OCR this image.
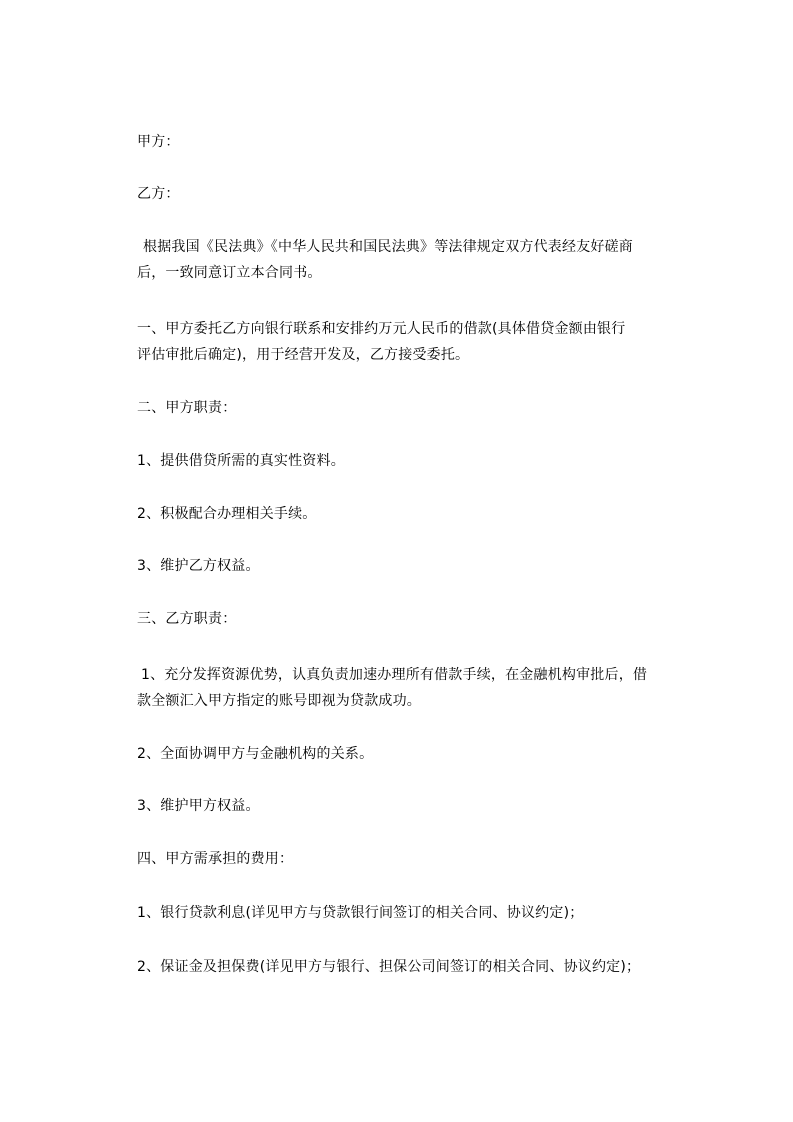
甲方：
乙方：
根据我国《民法典》《中华人民共和国民法典》等法律规定双方代表经友好磋商
后，一致同意订立本合同书。
一、甲方委托乙方向银行联系和安排约万元人民币的借款(具体借贷金额由银行
评估审批后确定)，用于经营开发及，乙方接受委托。
二、甲方职责：
1、提供借贷所需的真实性资料。
2、积极配合办理相关手续。
3、维护乙方权益。
三、乙方职责：
1、充分发挥资源优势，认真负责加速办理所有借款手续，在金融机构审批后，借
款全额汇入甲方指定的账号即视为贷款成功。
2、全面协调甲方与金融机构的关系。
3、维护甲方权益。
四、甲方需承担的费用：
1、银行贷款利息(详见甲方与贷款银行间签订的相关合同、协议约定)；
2、保证金及担保费(详见甲方与银行、担保公司间签订的相关合同、协议约定)；
